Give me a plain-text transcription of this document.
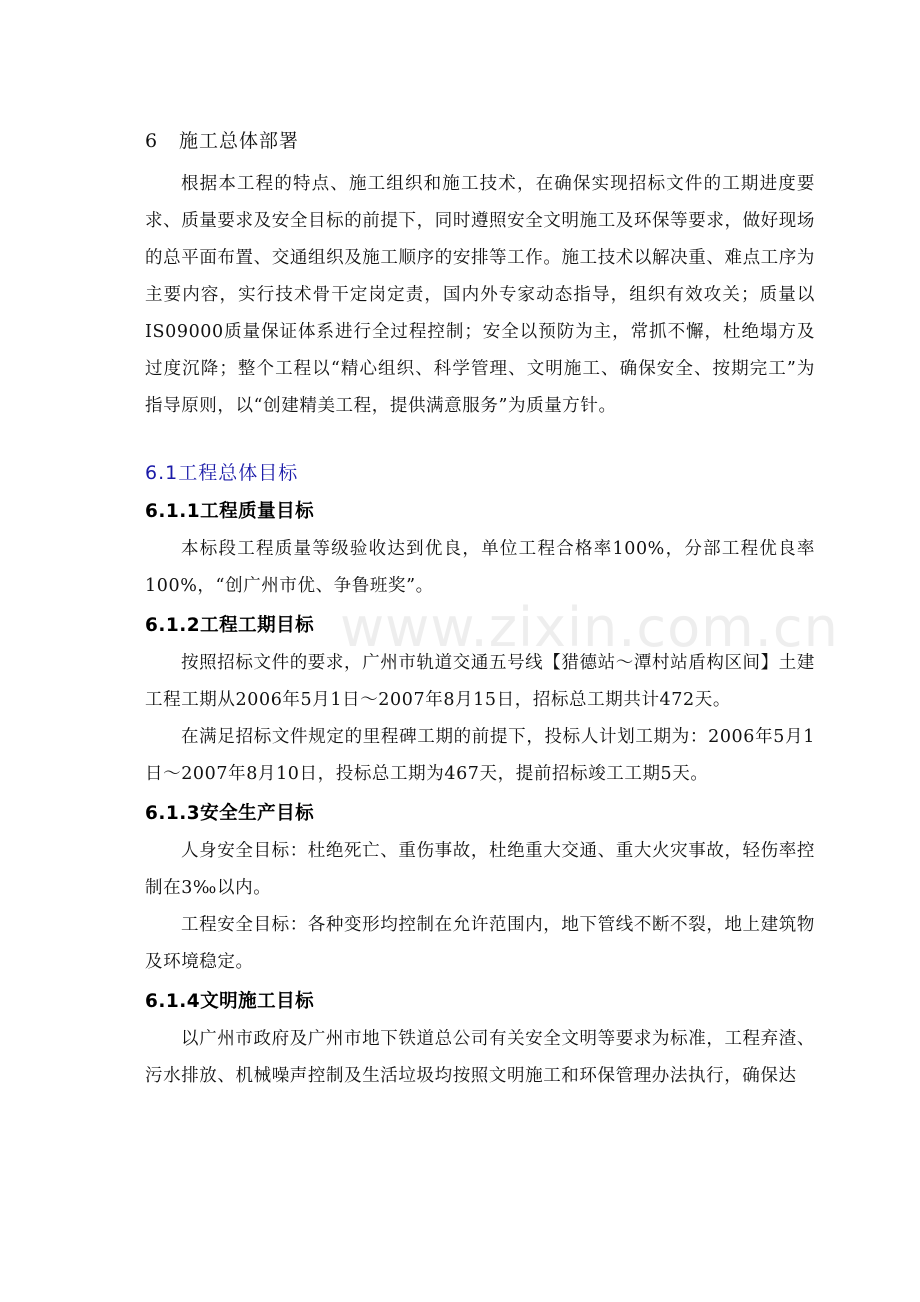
6 施工总体部署

根据本工程的特点、施工组织和施工技术，在确保实现招标文件的工期进度要求、质量要求及安全目标的前提下，同时遵照安全文明施工及环保等要求，做好现场的总平面布置、交通组织及施工顺序的安排等工作。施工技术以解决重、难点工序为主要内容，实行技术骨干定岗定责，国内外专家动态指导，组织有效攻关；质量以IS09000质量保证体系进行全过程控制；安全以预防为主，常抓不懈，杜绝塌方及过度沉降；整个工程以“精心组织、科学管理、文明施工、确保安全、按期完工”为指导原则，以“创建精美工程，提供满意服务”为质量方针。

6.1工程总体目标
6.1.1工程质量目标

本标段工程质量等级验收达到优良，单位工程合格率100%，分部工程优良率100%，“创广州市优、争鲁班奖”。

6.1.2工程工期目标

按照招标文件的要求，广州市轨道交通五号线【猎德站～潭村站盾构区间】土建工程工期从2006年5月1日～2007年8月15日，招标总工期共计472天。

在满足招标文件规定的里程碑工期的前提下，投标人计划工期为：2006年5月1日～2007年8月10日，投标总工期为467天，提前招标竣工工期5天。

6.1.3安全生产目标

人身安全目标：杜绝死亡、重伤事故，杜绝重大交通、重大火灾事故，轻伤率控制在3‰以内。

工程安全目标：各种变形均控制在允许范围内，地下管线不断不裂，地上建筑物及环境稳定。

6.1.4文明施工目标

以广州市政府及广州市地下铁道总公司有关安全文明等要求为标准，工程弃渣、污水排放、机械噪声控制及生活垃圾均按照文明施工和环保管理办法执行，确保达

www.zixin.com.cn
